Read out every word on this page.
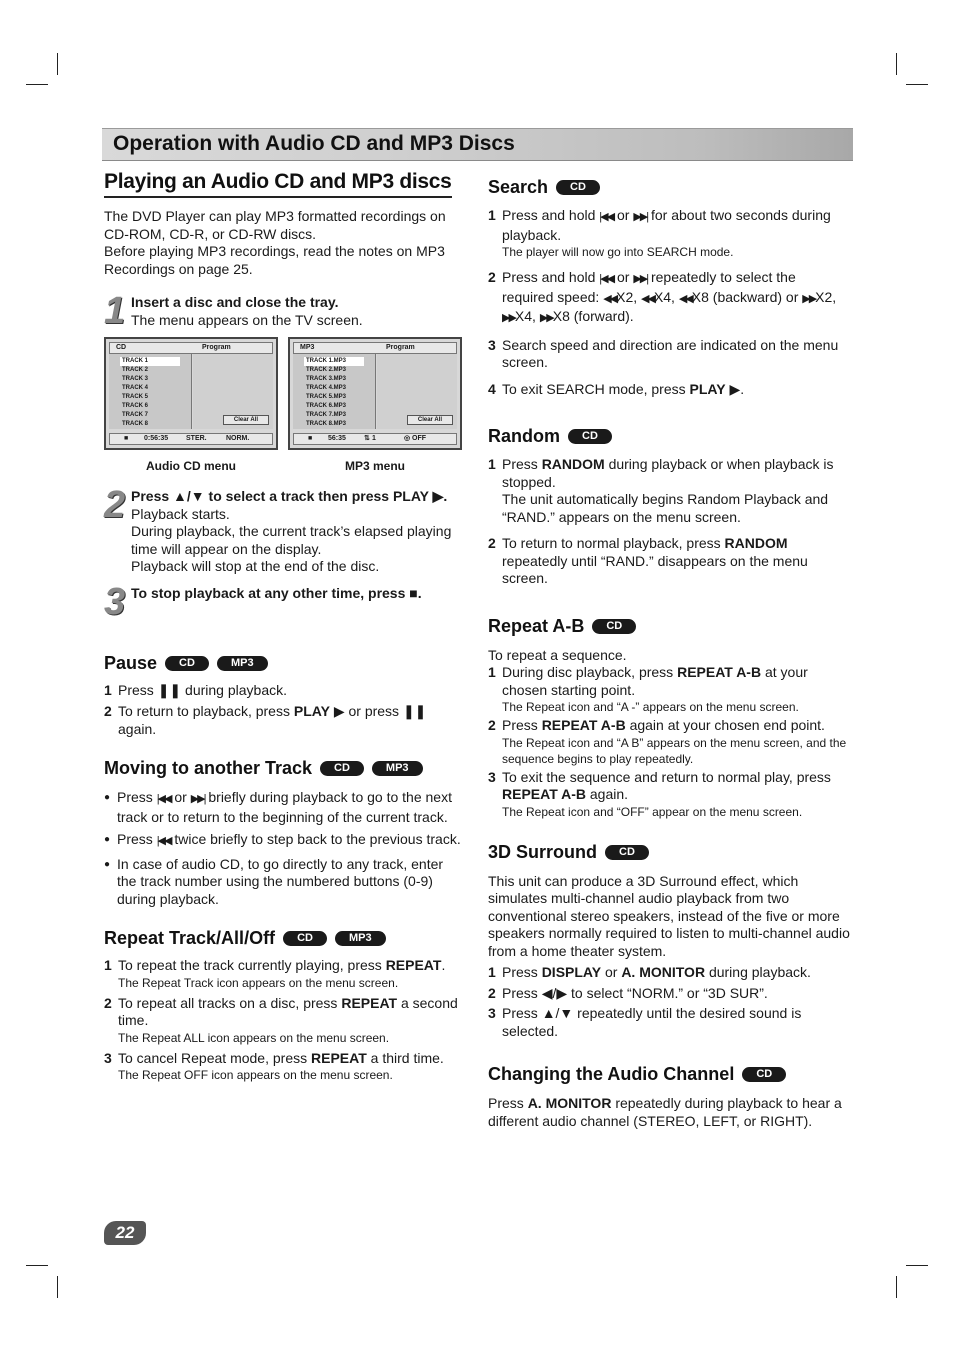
Operation with Audio CD and MP3 Discs
Playing an Audio CD and MP3 discs

The DVD Player can play MP3 formatted recordings on CD-ROM, CD-R, or CD-RW discs.

Before playing MP3 recordings, read the notes on MP3 Recordings on page 25.

1 Insert a disc and close the tray.
The menu appears on the TV screen.
CD	Program
TRACK 1
TRACK 2
TRACK 3
TRACK 4
TRACK 5
TRACK 6
TRACK 7
TRACK 8
Clear All
■ 0:56:35	STER.	NORM.
MP3	Program
TRACK 1.MP3
TRACK 2.MP3
TRACK 3.MP3
TRACK 4.MP3
TRACK 5.MP3
TRACK 6.MP3
TRACK 7.MP3
TRACK 8.MP3
Clear All
■ 56:35	⇅ 1	◎ OFF
Audio CD menu	MP3 menu
2 Press ▲/▼ to select a track then press PLAY ▶.
Playback starts.
During playback, the current track’s elapsed playing time will appear on the display.
Playback will stop at the end of the disc.
3 To stop playback at any other time, press ■.
Pause	CD	MP3
1 Press ❚❚ during playback.
2 To return to playback, press PLAY ▶ or press ❚❚ again.
Moving to another Track	CD	MP3
● Press |◀◀ or ▶▶| briefly during playback to go to the next track or to return to the beginning of the current track.
● Press |◀◀ twice briefly to step back to the previous track.
● In case of audio CD, to go directly to any track, enter the track number using the numbered buttons (0-9) during playback.
Repeat Track/All/Off	CD	MP3
1 To repeat the track currently playing, press REPEAT.
The Repeat Track icon appears on the menu screen.
2 To repeat all tracks on a disc, press REPEAT a second time.
The Repeat ALL icon appears on the menu screen.
3 To cancel Repeat mode, press REPEAT a third time.
The Repeat OFF icon appears on the menu screen.
Search	CD
1 Press and hold |◀◀ or ▶▶| for about two seconds during playback.
The player will now go into SEARCH mode.
2 Press and hold |◀◀ or ▶▶| repeatedly to select the required speed: ◀◀X2, ◀◀X4, ◀◀X8 (backward) or ▶▶X2, ▶▶X4, ▶▶X8 (forward).
3 Search speed and direction are indicated on the menu screen.
4 To exit SEARCH mode, press PLAY ▶.
Random	CD
1 Press RANDOM during playback or when playback is stopped.
The unit automatically begins Random Playback and “RAND.” appears on the menu screen.
2 To return to normal playback, press RANDOM repeatedly until “RAND.” disappears on the menu screen.
Repeat A-B	CD

To repeat a sequence.

1 During disc playback, press REPEAT A-B at your chosen starting point.
The Repeat icon and “A -” appears on the menu screen.
2 Press REPEAT A-B again at your chosen end point.
The Repeat icon and “A B” appears on the menu screen, and the sequence begins to play repeatedly.
3 To exit the sequence and return to normal play, press REPEAT A-B again.
The Repeat icon and “OFF” appear on the menu screen.
3D Surround	CD

This unit can produce a 3D Surround effect, which simulates multi-channel audio playback from two conventional stereo speakers, instead of the five or more speakers normally required to listen to multi-channel audio from a home theater system.

1 Press DISPLAY or A. MONITOR during playback.
2 Press ◀/▶ to select “NORM.” or “3D SUR”.
3 Press ▲/▼ repeatedly until the desired sound is selected.
Changing the Audio Channel	CD

Press A. MONITOR repeatedly during playback to hear a different audio channel (STEREO, LEFT, or RIGHT).

22
